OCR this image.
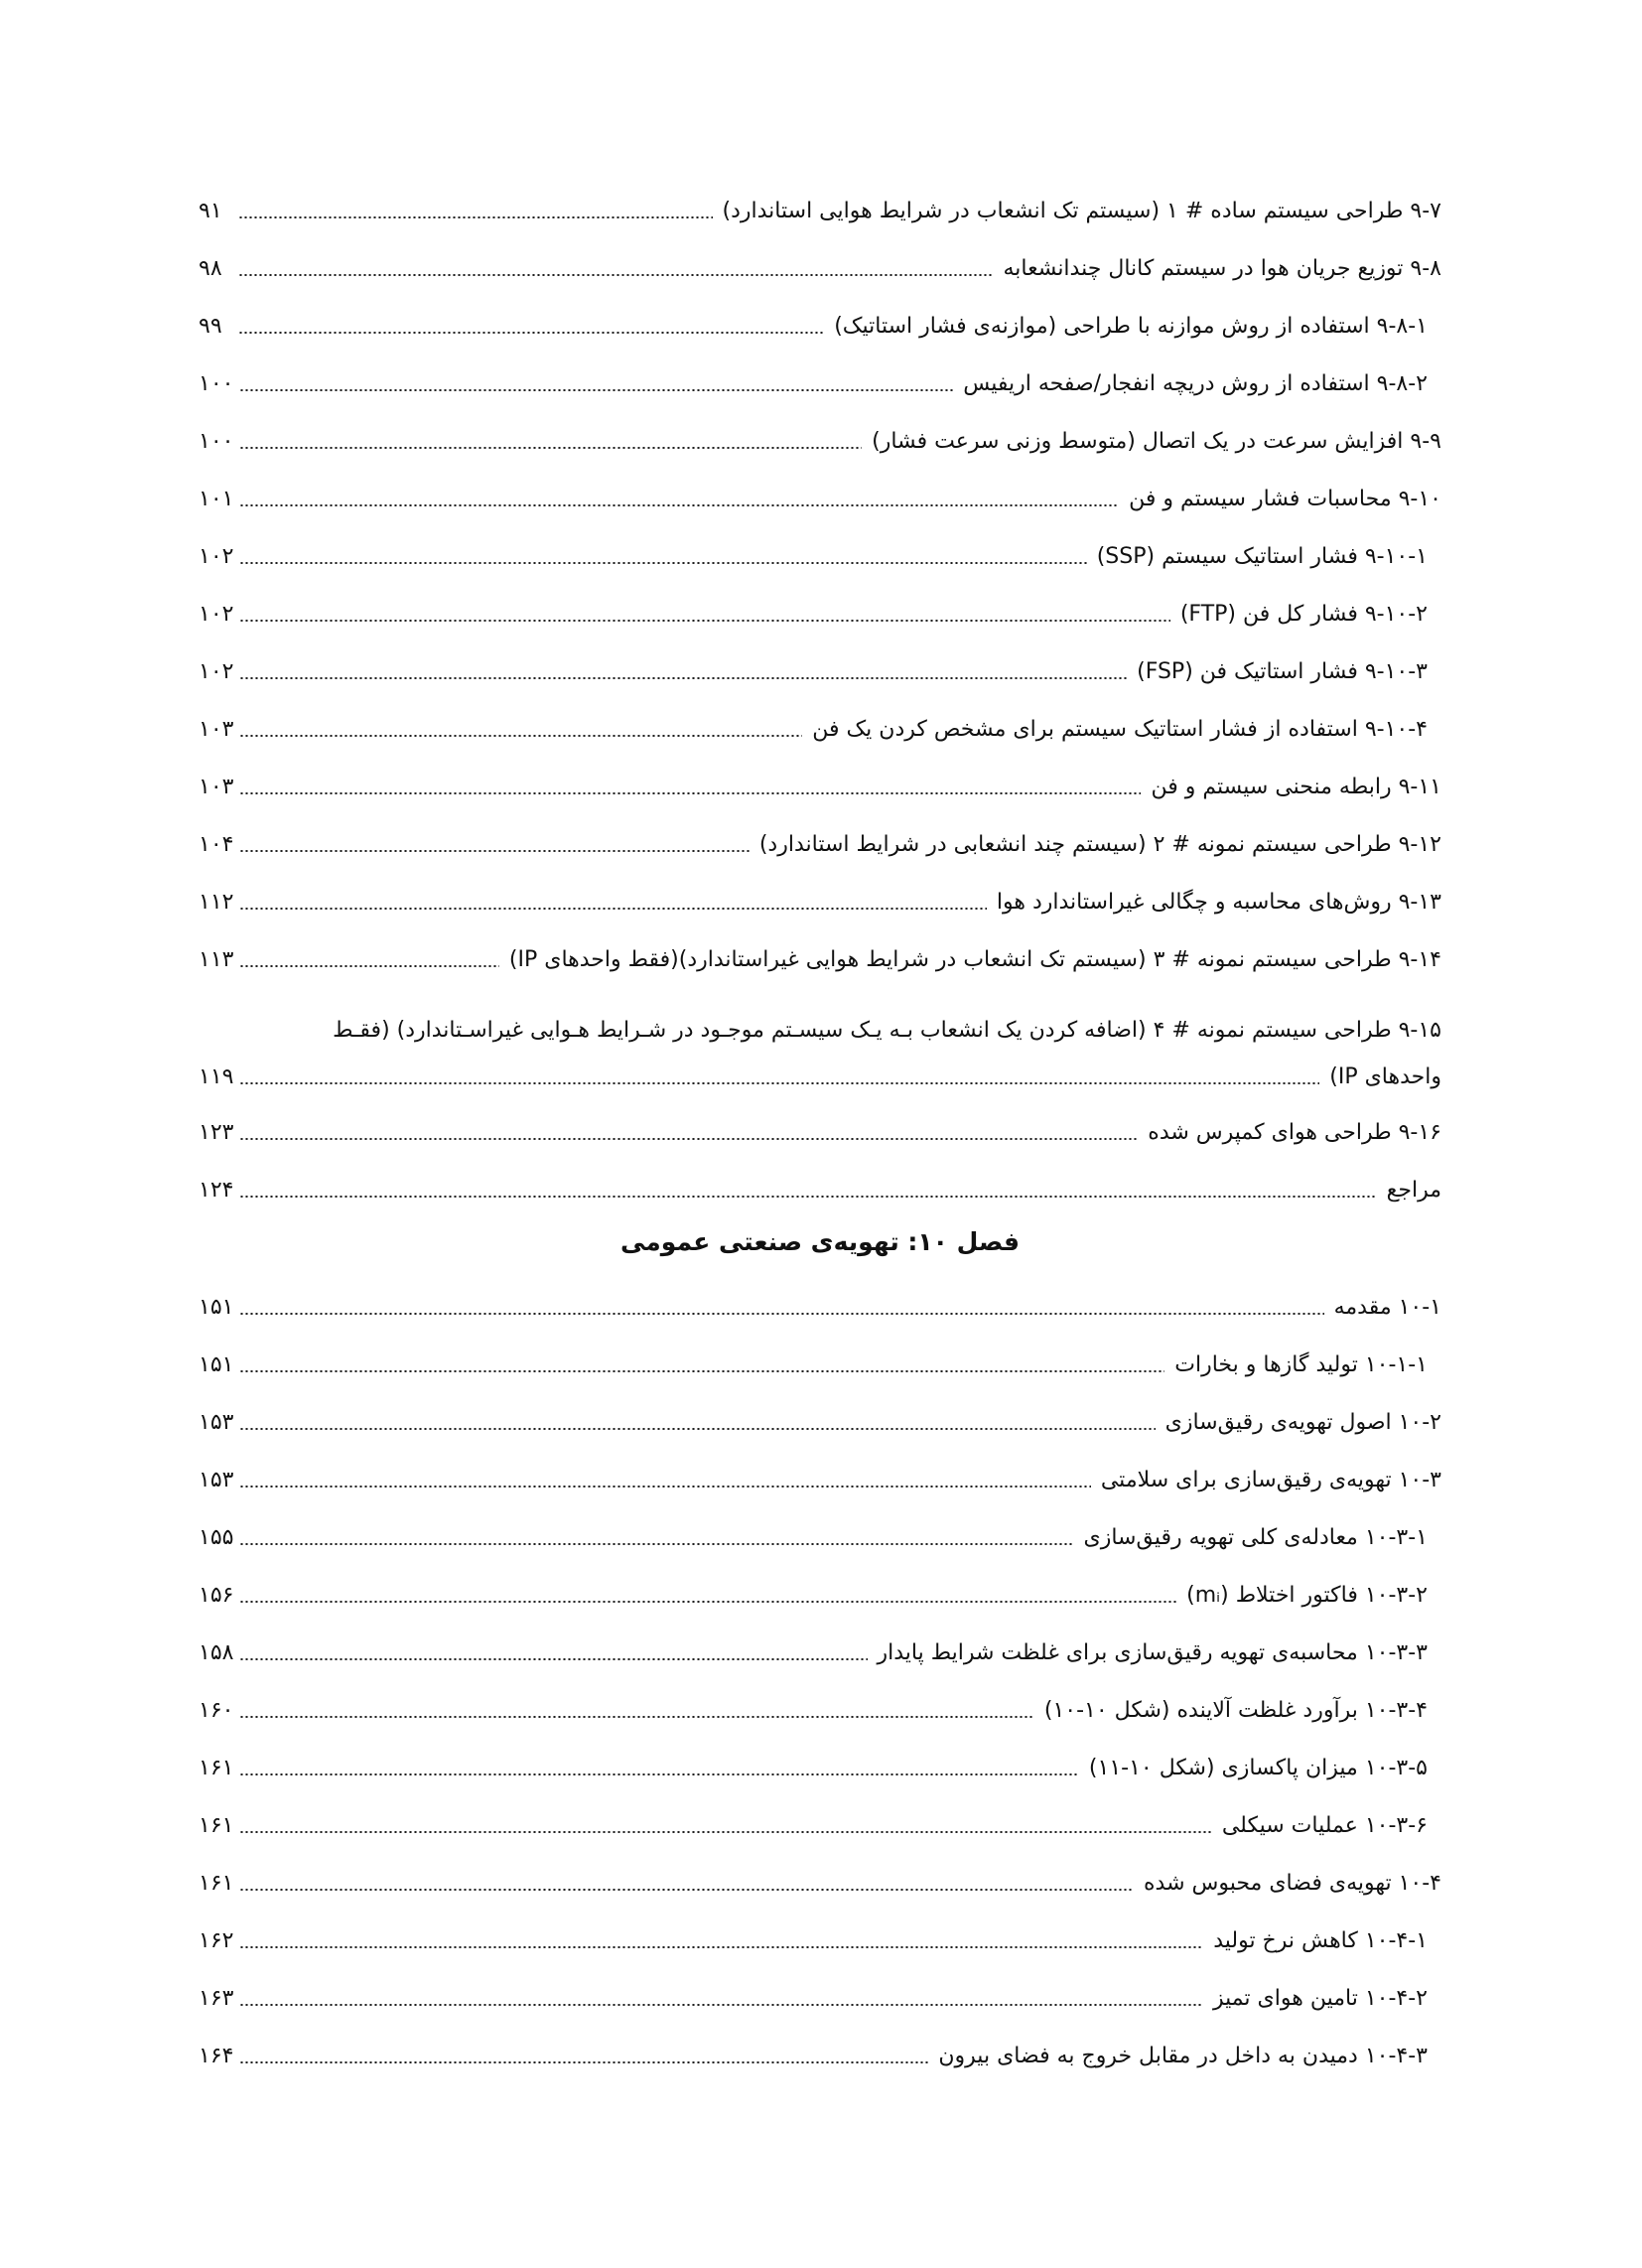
۹-۷ طراحی سیستم ساده # ۱ (سیستم تک انشعاب در شرایط هوایی استاندارد)
۹۱
۹-۸ توزیع جریان هوا در سیستم کانال چندانشعابه
۹۸
۹-۸-۱ استفاده از روش موازنه با طراحی (موازنه‌ی فشار استاتیک)
۹۹
۹-۸-۲ استفاده از روش دریچه انفجار/صفحه اریفیس
۱۰۰
۹-۹ افزایش سرعت در یک اتصال (متوسط وزنی سرعت فشار)
۱۰۰
۹-۱۰ محاسبات فشار سیستم و فن
۱۰۱
۹-۱۰-۱ فشار استاتیک سیستم (SSP)
۱۰۲
۹-۱۰-۲ فشار کل فن (FTP)
۱۰۲
۹-۱۰-۳ فشار استاتیک فن (FSP)
۱۰۲
۹-۱۰-۴ استفاده از فشار استاتیک سیستم برای مشخص کردن یک فن
۱۰۳
۹-۱۱ رابطه منحنی سیستم و فن
۱۰۳
۹-۱۲ طراحی سیستم نمونه # ۲ (سیستم چند انشعابی در شرایط استاندارد)
۱۰۴
۹-۱۳ روش‌های محاسبه و چگالی غیراستاندارد هوا
۱۱۲
۹-۱۴ طراحی سیستم نمونه # ۳ (سیستم تک انشعاب در شرایط هوایی غیراستاندارد)(فقط واحدهای IP)
۱۱۳
۹-۱۵ طراحی سیستم نمونه # ۴ (اضافه کردن یک انشعاب بـه یـک سیسـتم موجـود در شـرایط هـوایی غیراسـتاندارد) (فقـط
واحدهای IP)
۱۱۹
۹-۱۶ طراحی هوای کمپرس شده
۱۲۳
مراجع
۱۲۴
فصل ۱۰: تهویه‌ی صنعتی عمومی
۱۰-۱ مقدمه
۱۵۱
۱۰-۱-۱ تولید گازها و بخارات
۱۵۱
۱۰-۲ اصول تهویه‌ی رقیق‌سازی
۱۵۳
۱۰-۳ تهویه‌ی رقیق‌سازی برای سلامتی
۱۵۳
۱۰-۳-۱ معادله‌ی کلی تهویه رقیق‌سازی
۱۵۵
۱۰-۳-۲ فاکتور اختلاط (mᵢ)
۱۵۶
۱۰-۳-۳ محاسبه‌ی تهویه رقیق‌سازی برای غلظت شرایط پایدار
۱۵۸
۱۰-۳-۴ برآورد غلظت آلاینده (شکل ۱۰-۱۰)
۱۶۰
۱۰-۳-۵ میزان پاکسازی (شکل ۱۰-۱۱)
۱۶۱
۱۰-۳-۶ عملیات سیکلی
۱۶۱
۱۰-۴ تهویه‌ی فضای محبوس شده
۱۶۱
۱۰-۴-۱ کاهش نرخ تولید
۱۶۲
۱۰-۴-۲ تامین هوای تمیز
۱۶۳
۱۰-۴-۳ دمیدن به داخل در مقابل خروج به فضای بیرون
۱۶۴
